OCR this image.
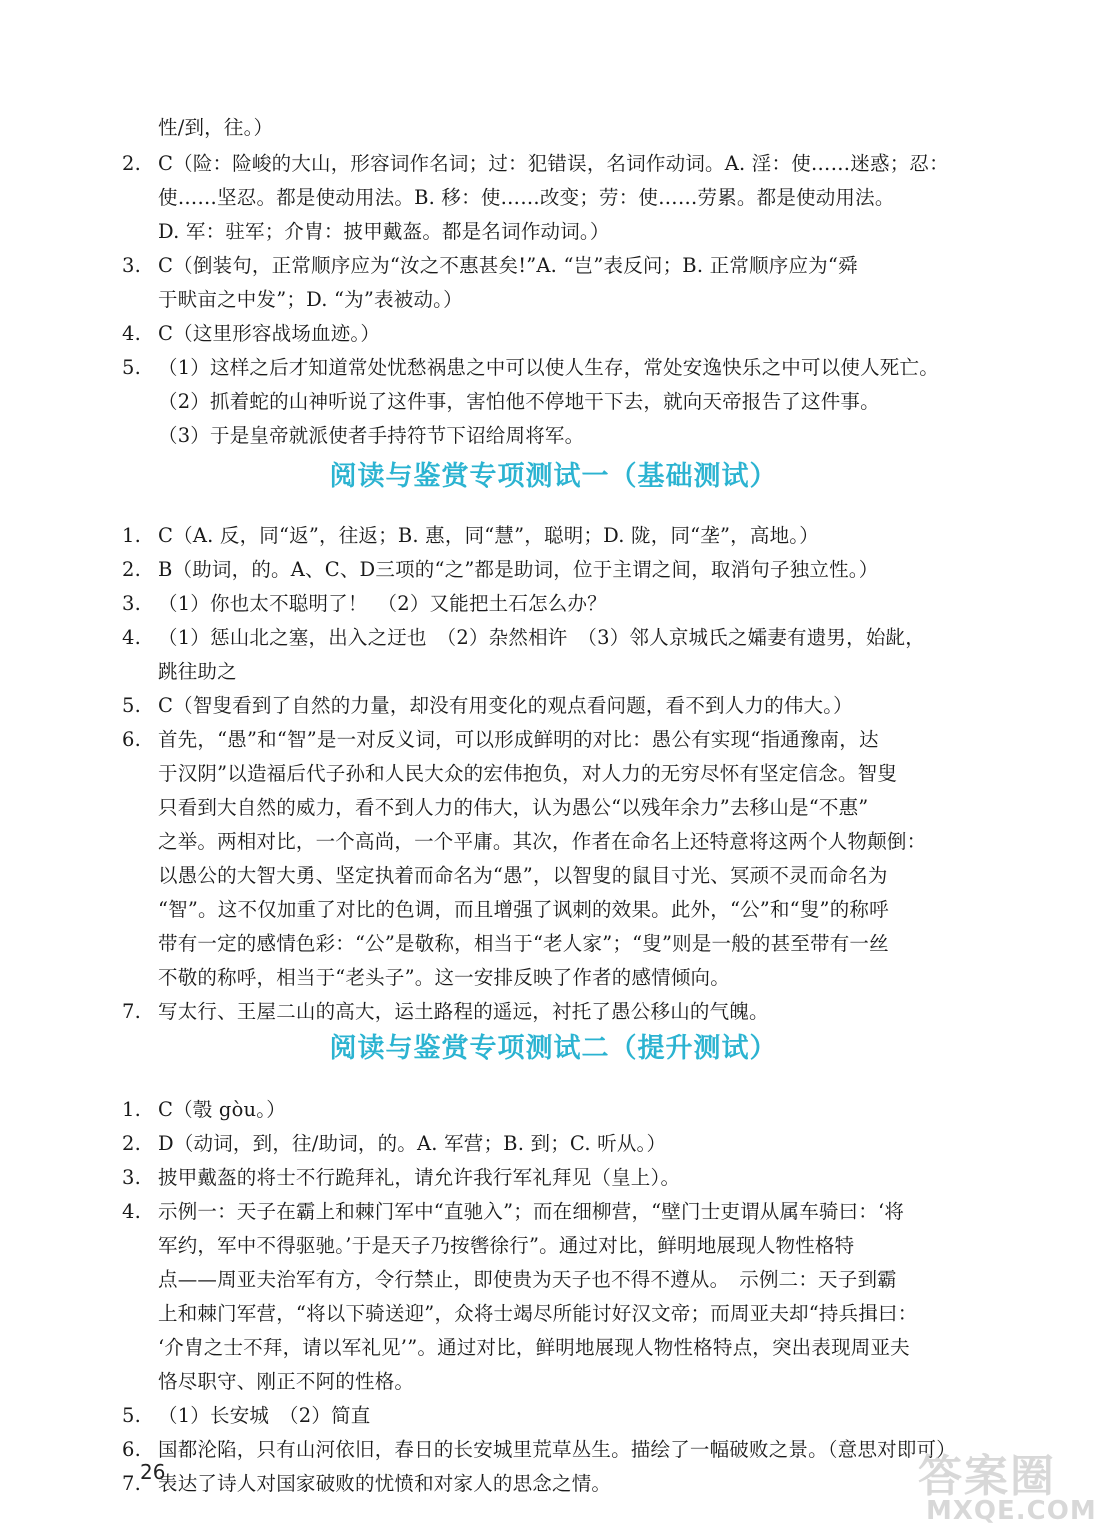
性/到，往。）
2. C（险：险峻的大山，形容词作名词；过：犯错误，名词作动词。A. 淫：使……迷惑；忍：
使……坚忍。都是使动用法。B. 移：使……改变；劳：使……劳累。都是使动用法。
D. 军：驻军；介胄：披甲戴盔。都是名词作动词。）
3. C（倒装句，正常顺序应为“汝之不惠甚矣!”A. “岂”表反问；B. 正常顺序应为“舜
于畎亩之中发”；D. “为”表被动。）
4. C（这里形容战场血迹。）
5. （1）这样之后才知道常处忧愁祸患之中可以使人生存，常处安逸快乐之中可以使人死亡。
（2）抓着蛇的山神听说了这件事，害怕他不停地干下去，就向天帝报告了这件事。
（3）于是皇帝就派使者手持符节下诏给周将军。
1. C（A. 反，同“返”，往返；B. 惠，同“慧”，聪明；D. 陇，同“垄”，高地。）
2. B（助词，的。A、C、D三项的“之”都是助词，位于主谓之间，取消句子独立性。）
3. （1）你也太不聪明了！　（2）又能把土石怎么办？
4. （1）惩山北之塞，出入之迂也　（2）杂然相许　（3）邻人京城氏之孀妻有遗男，始龀，
跳往助之
5. C（智叟看到了自然的力量，却没有用变化的观点看问题，看不到人力的伟大。）
6. 首先，“愚”和“智”是一对反义词，可以形成鲜明的对比：愚公有实现“指通豫南，达
于汉阴”以造福后代子孙和人民大众的宏伟抱负，对人力的无穷尽怀有坚定信念。智叟
只看到大自然的威力，看不到人力的伟大，认为愚公“以残年余力”去移山是“不惠”
之举。两相对比，一个高尚，一个平庸。其次，作者在命名上还特意将这两个人物颠倒：
以愚公的大智大勇、坚定执着而命名为“愚”，以智叟的鼠目寸光、冥顽不灵而命名为
“智”。这不仅加重了对比的色调，而且增强了讽刺的效果。此外，“公”和“叟”的称呼
带有一定的感情色彩：“公”是敬称，相当于“老人家”；“叟”则是一般的甚至带有一丝
不敬的称呼，相当于“老头子”。这一安排反映了作者的感情倾向。
7. 写太行、王屋二山的高大，运土路程的遥远，衬托了愚公移山的气魄。
1. C（彀 gòu。）
2. D（动词，到，往/助词，的。A. 军营；B. 到；C. 听从。）
3. 披甲戴盔的将士不行跪拜礼，请允许我行军礼拜见（皇上）。
4. 示例一：天子在霸上和棘门军中“直驰入”；而在细柳营，“壁门士吏谓从属车骑曰：‘将
军约，军中不得驱驰。’于是天子乃按辔徐行”。通过对比，鲜明地展现人物性格特
点——周亚夫治军有方，令行禁止，即使贵为天子也不得不遵从。　示例二：天子到霸
上和棘门军营，“将以下骑送迎”，众将士竭尽所能讨好汉文帝；而周亚夫却“持兵揖曰：
‘介胄之士不拜，请以军礼见’”。通过对比，鲜明地展现人物性格特点，突出表现周亚夫
恪尽职守、刚正不阿的性格。
5. （1）长安城　（2）简直
6. 国都沦陷，只有山河依旧，春日的长安城里荒草丛生。描绘了一幅破败之景。（意思对即可）
7. 表达了诗人对国家破败的忧愤和对家人的思念之情。
阅读与鉴赏专项测试一（基础测试）
阅读与鉴赏专项测试二（提升测试）
26	答案圈
MXQE.COM
